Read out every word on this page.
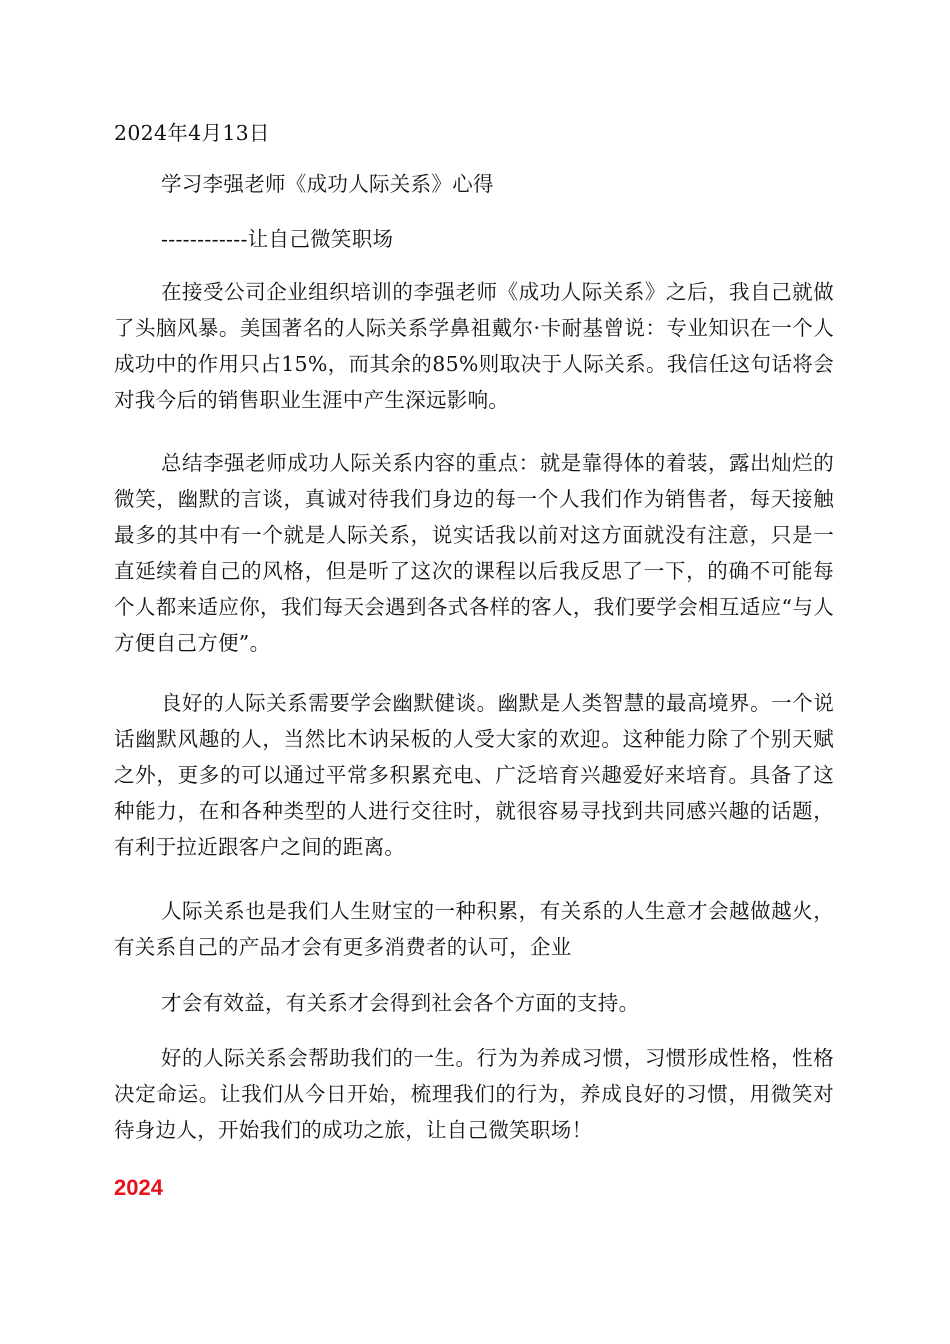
2024年4月13日
学习李强老师《成功人际关系》心得
------------让自己微笑职场

在接受公司企业组织培训的李强老师《成功人际关系》之后，我自己就做了头脑风暴。美国著名的人际关系学鼻祖戴尔·卡耐基曾说：专业知识在一个人成功中的作用只占15%，而其余的85%则取决于人际关系。我信任这句话将会对我今后的销售职业生涯中产生深远影响。

总结李强老师成功人际关系内容的重点：就是靠得体的着装，露出灿烂的微笑，幽默的言谈，真诚对待我们身边的每一个人我们作为销售者，每天接触最多的其中有一个就是人际关系，说实话我以前对这方面就没有注意，只是一直延续着自己的风格，但是听了这次的课程以后我反思了一下，的确不可能每个人都来适应你，我们每天会遇到各式各样的客人，我们要学会相互适应“与人方便自己方便”。

良好的人际关系需要学会幽默健谈。幽默是人类智慧的最高境界。一个说话幽默风趣的人，当然比木讷呆板的人受大家的欢迎。这种能力除了个别天赋之外，更多的可以通过平常多积累充电、广泛培育兴趣爱好来培育。具备了这种能力，在和各种类型的人进行交往时，就很容易寻找到共同感兴趣的话题，有利于拉近跟客户之间的距离。

人际关系也是我们人生财宝的一种积累，有关系的人生意才会越做越火，有关系自己的产品才会有更多消费者的认可，企业

才会有效益，有关系才会得到社会各个方面的支持。

好的人际关系会帮助我们的一生。行为为养成习惯，习惯形成性格，性格决定命运。让我们从今日开始，梳理我们的行为，养成良好的习惯，用微笑对待身边人，开始我们的成功之旅，让自己微笑职场！

2024
